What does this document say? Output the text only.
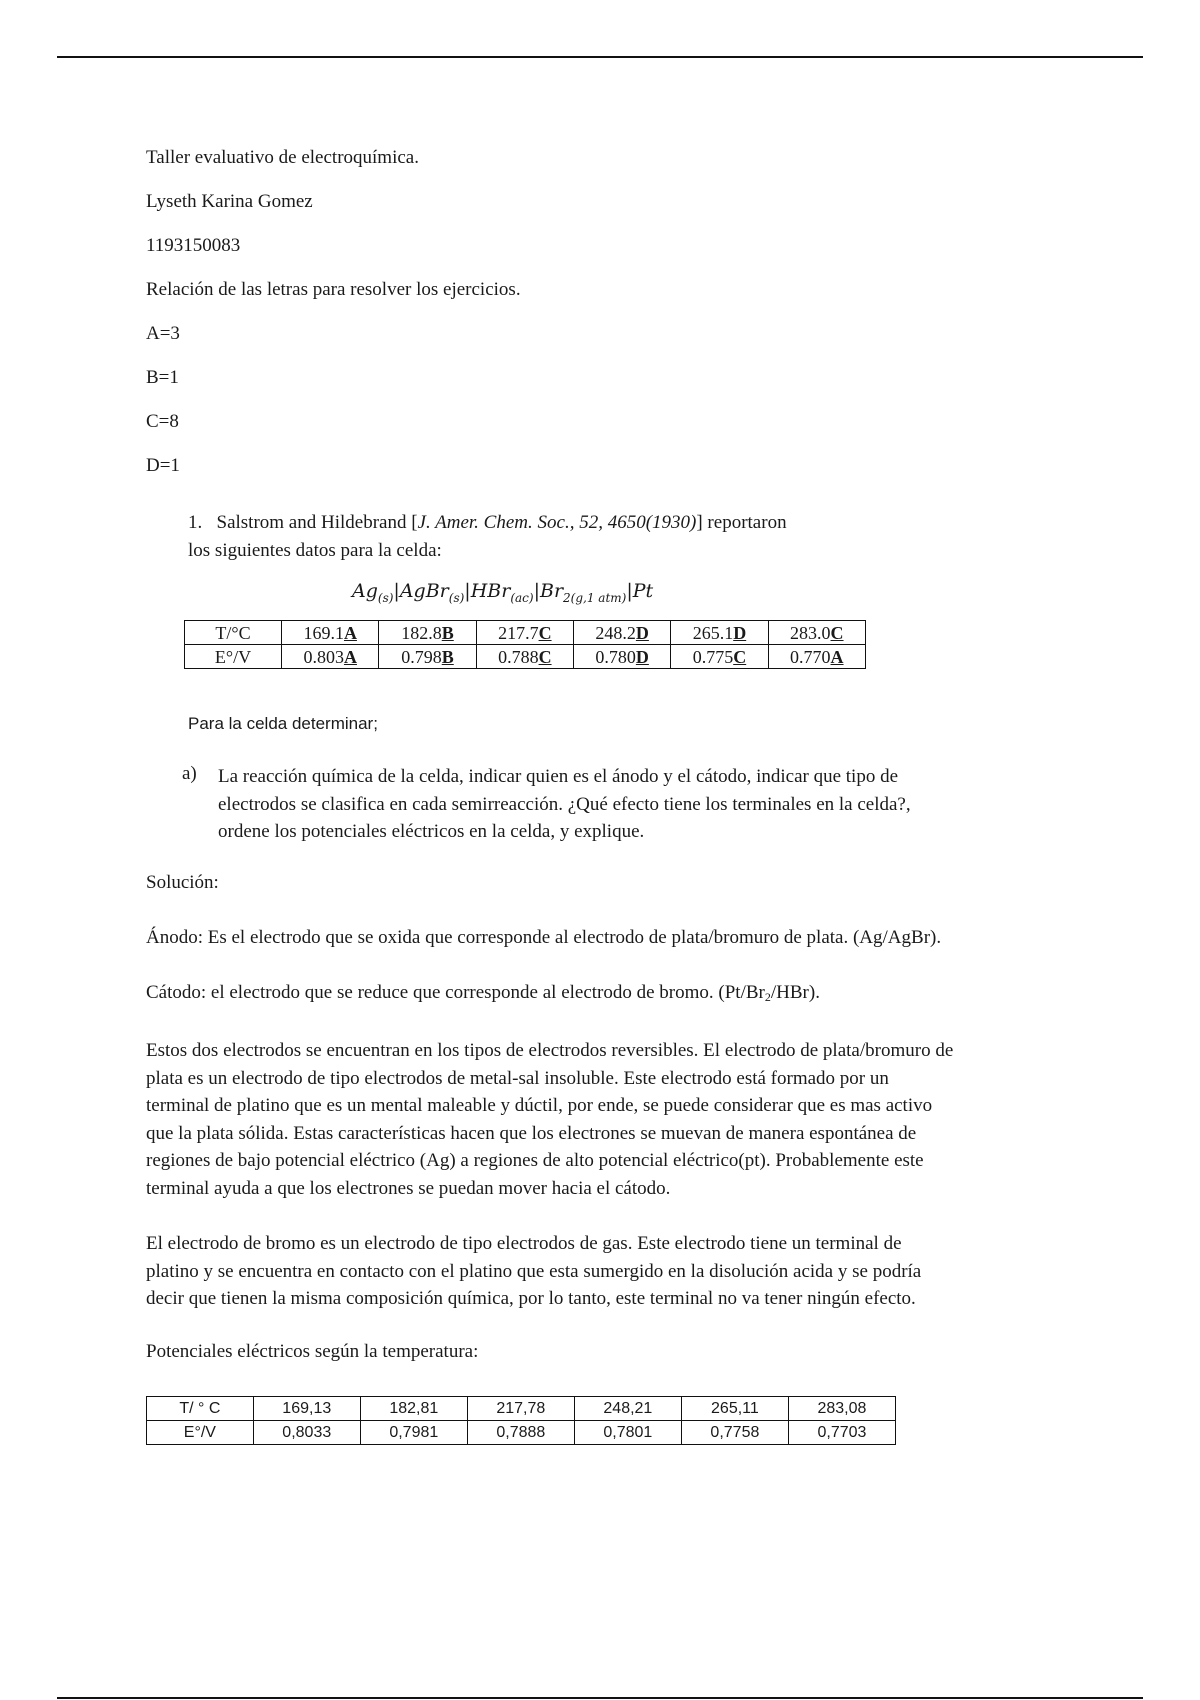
Taller evaluativo de electroquímica.
Lyseth Karina Gomez
1193150083
Relación de las letras para resolver los ejercicios.
A=3
B=1
C=8
D=1
1. Salstrom and Hildebrand [J. Amer. Chem. Soc., 52, 4650(1930)] reportaron
los siguientes datos para la celda:
$Ag_{(s)}|AgBr_{(s)}|HBr_{(ac)}|Br_{2(g,1 atm)}|Pt$
T/°C	169.1A	182.8B	217.7C	248.2D	265.1D	283.0C
E°/V	0.803A	0.798B	0.788C	0.780D	0.775C	0.770A
Para la celda determinar;
a) La reacción química de la celda, indicar quien es el ánodo y el cátodo, indicar que tipo de
electrodos se clasifica en cada semirreacción. ¿Qué efecto tiene los terminales en la celda?,
ordene los potenciales eléctricos en la celda, y explique.
Solución:
Ánodo: Es el electrodo que se oxida que corresponde al electrodo de plata/bromuro de plata. (Ag/AgBr).
Cátodo: el electrodo que se reduce que corresponde al electrodo de bromo. (Pt/Br2/HBr).
Estos dos electrodos se encuentran en los tipos de electrodos reversibles. El electrodo de plata/bromuro de
plata es un electrodo de tipo electrodos de metal-sal insoluble. Este electrodo está formado por un
terminal de platino que es un mental maleable y dúctil, por ende, se puede considerar que es mas activo
que la plata sólida. Estas características hacen que los electrones se muevan de manera espontánea de
regiones de bajo potencial eléctrico (Ag) a regiones de alto potencial eléctrico(pt). Probablemente este
terminal ayuda a que los electrones se puedan mover hacia el cátodo.
El electrodo de bromo es un electrodo de tipo electrodos de gas. Este electrodo tiene un terminal de
platino y se encuentra en contacto con el platino que esta sumergido en la disolución acida y se podría
decir que tienen la misma composición química, por lo tanto, este terminal no va tener ningún efecto.
Potenciales eléctricos según la temperatura:
T/ ° C	169,13	182,81	217,78	248,21	265,11	283,08
E°/V	0,8033	0,7981	0,7888	0,7801	0,7758	0,7703
